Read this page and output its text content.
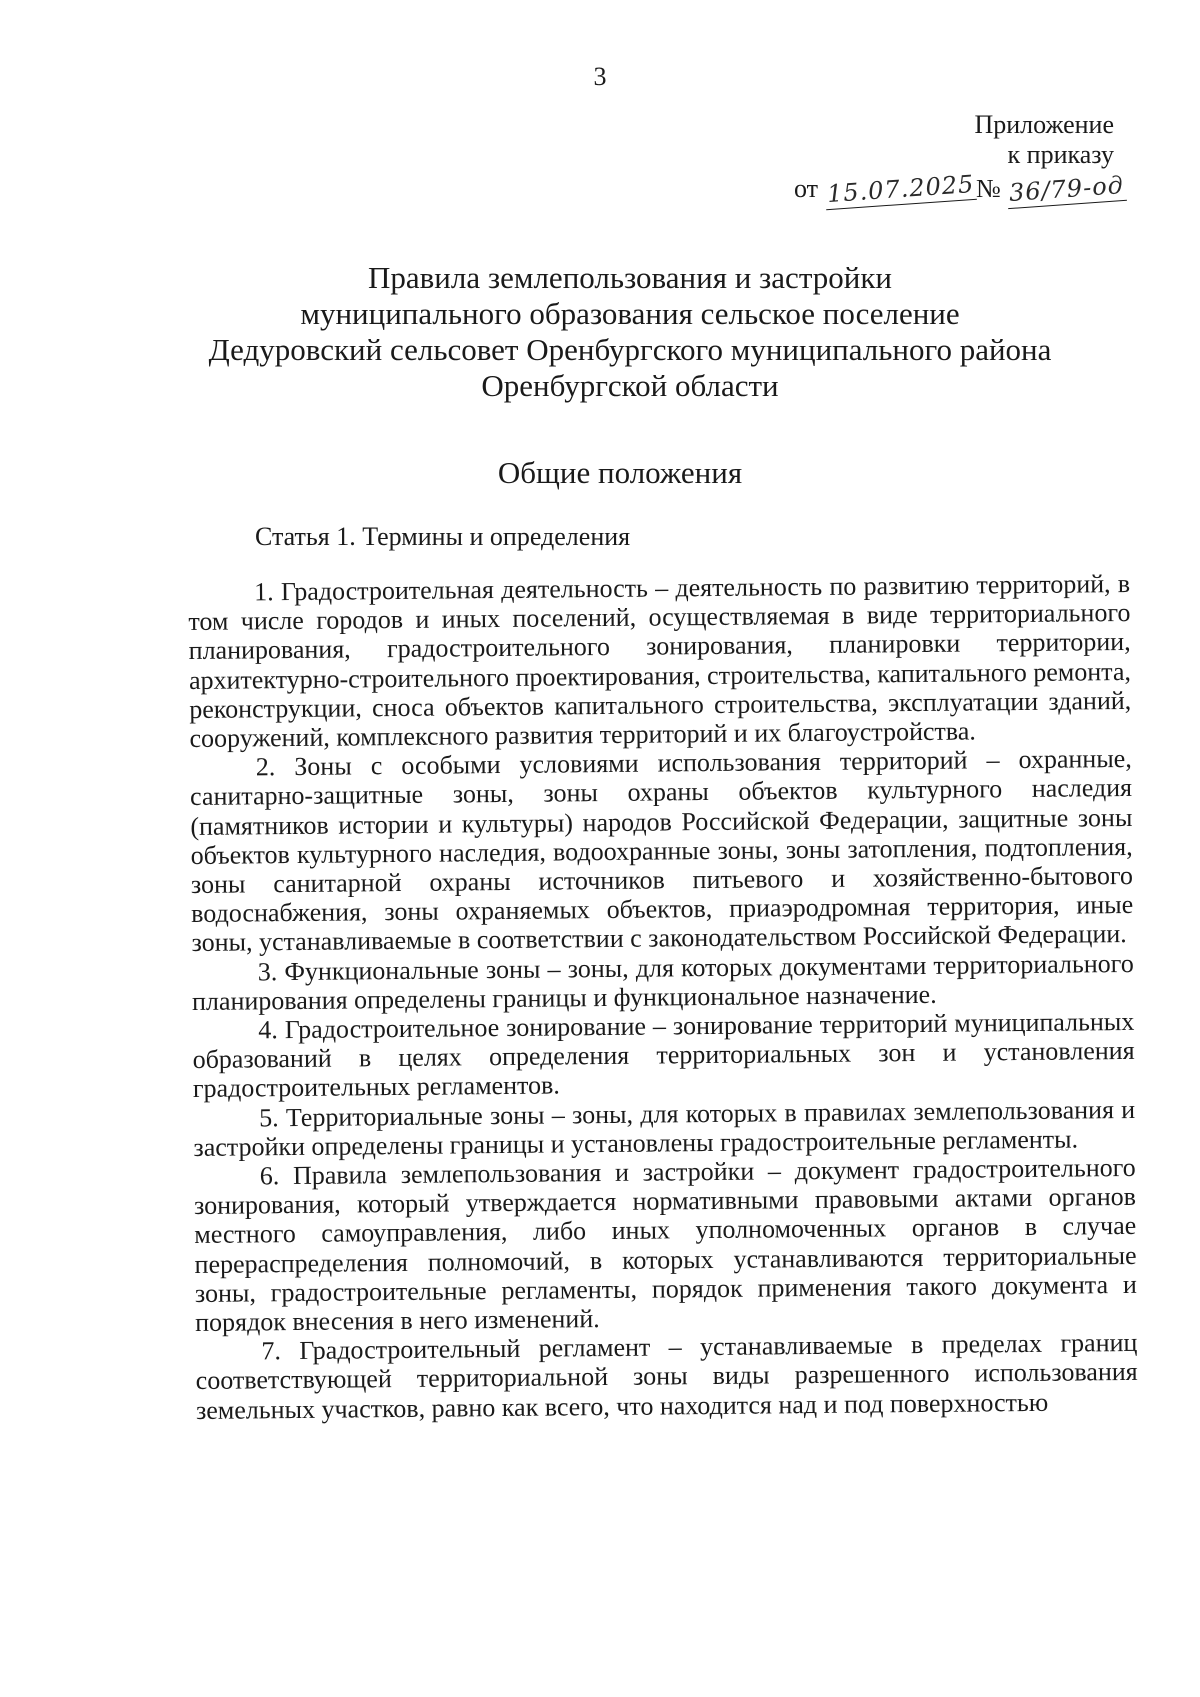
3
Приложение
к приказу
от 15.07.2025№ 36/79-од
Правила землепользования и застройки
муниципального образования сельское поселение
Дедуровский сельсовет Оренбургского муниципального района
Оренбургской области
Общие положения
Статья 1. Термины и определения

1. Градостроительная деятельность – деятельность по развитию территорий, в том числе городов и иных поселений, осуществляемая в виде территориального планирования, градостроительного зонирования, планировки территории, архитектурно-строительного проектирования, строительства, капитального ремонта, реконструкции, сноса объектов капитального строительства, эксплуатации зданий, сооружений, комплексного развития территорий и их благоустройства.

2. Зоны с особыми условиями использования территорий – охранные, санитарно-защитные зоны, зоны охраны объектов культурного наследия (памятников истории и культуры) народов Российской Федерации, защитные зоны объектов культурного наследия, водоохранные зоны, зоны затопления, подтопления, зоны санитарной охраны источников питьевого и хозяйственно-бытового водоснабжения, зоны охраняемых объектов, приаэродромная территория, иные зоны, устанавливаемые в соответствии с законодательством Российской Федерации.

3. Функциональные зоны – зоны, для которых документами территориального планирования определены границы и функциональное назначение.

4. Градостроительное зонирование – зонирование территорий муниципальных образований в целях определения территориальных зон и установления градостроительных регламентов.

5. Территориальные зоны – зоны, для которых в правилах землепользования и застройки определены границы и установлены градостроительные регламенты.

6. Правила землепользования и застройки – документ градостроительного зонирования, который утверждается нормативными правовыми актами органов местного самоуправления, либо иных уполномоченных органов в случае перераспределения полномочий, в которых устанавливаются территориальные зоны, градостроительные регламенты, порядок применения такого документа и порядок внесения в него изменений.

7. Градостроительный регламент – устанавливаемые в пределах границ соответствующей территориальной зоны виды разрешенного использования земельных участков, равно как всего, что находится над и под поверхностью
